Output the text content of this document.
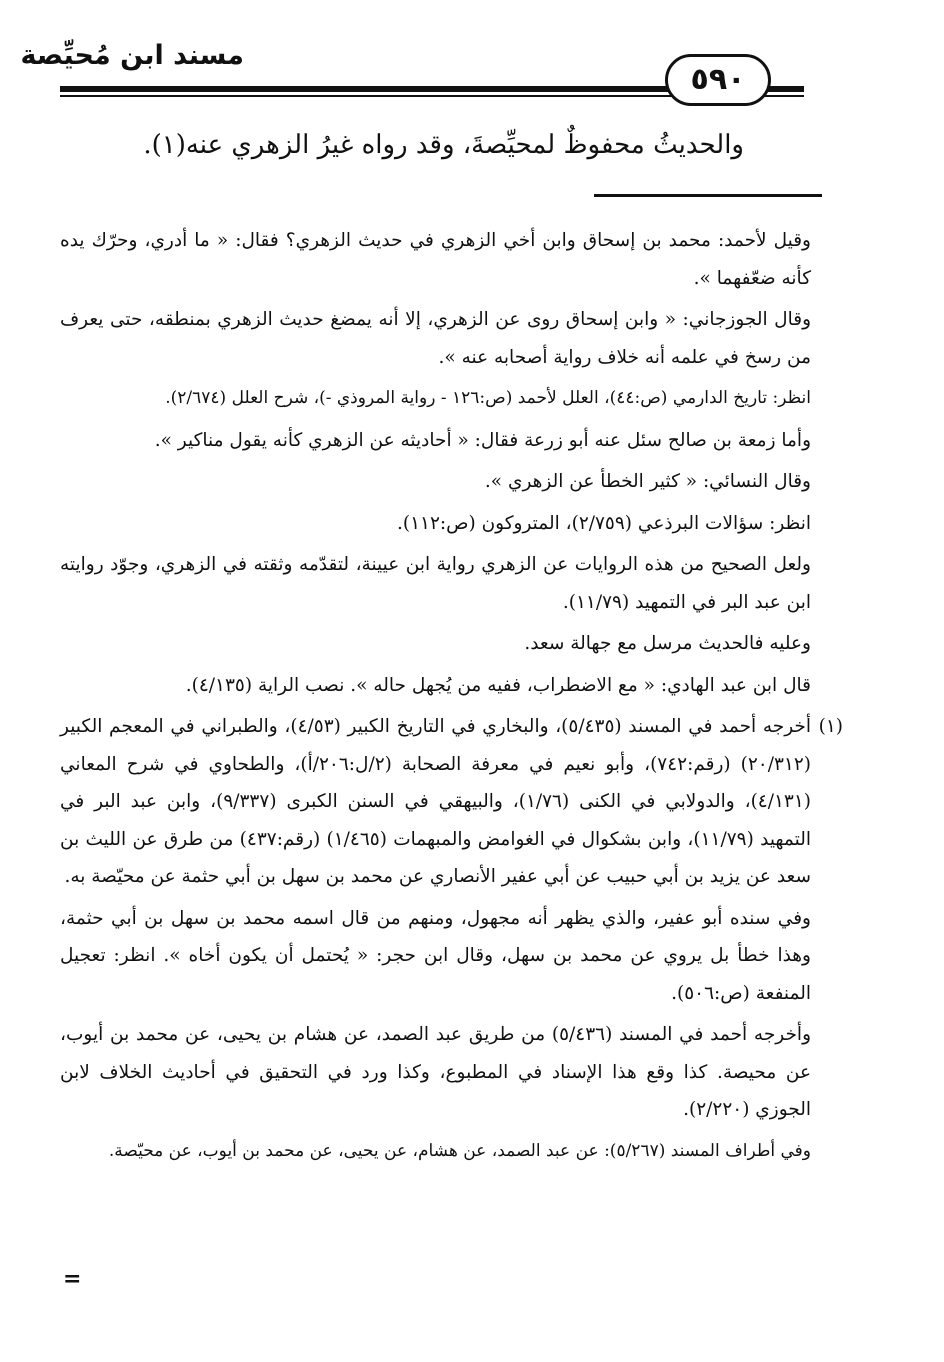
مسند ابن مُحيِّصة
٥٩٠
والحديثُ محفوظٌ لمحيِّصةَ، وقد رواه غيرُ الزهري عنه(١).

وقيل لأحمد: محمد بن إسحاق وابن أخي الزهري في حديث الزهري؟ فقال: « ما أدري، وحرّك يده كأنه ضعّفهما ».

وقال الجوزجاني: « وابن إسحاق روى عن الزهري، إلا أنه يمضغ حديث الزهري بمنطقه، حتى يعرف من رسخ في علمه أنه خلاف رواية أصحابه عنه ».

انظر: تاريخ الدارمي (ص:٤٤)، العلل لأحمد (ص:١٢٦ - رواية المروذي -)، شرح العلل (٢/٦٧٤).

وأما زمعة بن صالح سئل عنه أبو زرعة فقال: « أحاديثه عن الزهري كأنه يقول مناكير ».

وقال النسائي: « كثير الخطأ عن الزهري ».

انظر: سؤالات البرذعي (٢/٧٥٩)، المتروكون (ص:١١٢).

ولعل الصحيح من هذه الروايات عن الزهري رواية ابن عيينة، لتقدّمه وثقته في الزهري، وجوّد روايته ابن عبد البر في التمهيد (١١/٧٩).

وعليه فالحديث مرسل مع جهالة سعد.

قال ابن عبد الهادي: « مع الاضطراب، ففيه من يُجهل حاله ». نصب الراية (٤/١٣٥).

(١)
أخرجه أحمد في المسند (٥/٤٣٥)، والبخاري في التاريخ الكبير (٤/٥٣)، والطبراني في المعجم الكبير (٢٠/٣١٢) (رقم:٧٤٢)، وأبو نعيم في معرفة الصحابة (٢/ل:٢٠٦/أ)، والطحاوي في شرح المعاني (٤/١٣١)، والدولابي في الكنى (١/٧٦)، والبيهقي في السنن الكبرى (٩/٣٣٧)، وابن عبد البر في التمهيد (١١/٧٩)، وابن بشكوال في الغوامض والمبهمات (١/٤٦٥) (رقم:٤٣٧) من طرق عن الليث بن سعد عن يزيد بن أبي حبيب عن أبي عفير الأنصاري عن محمد بن سهل بن أبي حثمة عن محيّصة به.

وفي سنده أبو عفير، والذي يظهر أنه مجهول، ومنهم من قال اسمه محمد بن سهل بن أبي حثمة، وهذا خطأ بل يروي عن محمد بن سهل، وقال ابن حجر: « يُحتمل أن يكون أخاه ». انظر: تعجيل المنفعة (ص:٥٠٦).

وأخرجه أحمد في المسند (٥/٤٣٦) من طريق عبد الصمد، عن هشام بن يحيى، عن محمد بن أيوب، عن محيصة. كذا وقع هذا الإسناد في المطبوع، وكذا ورد في التحقيق في أحاديث الخلاف لابن الجوزي (٢/٢٢٠).

وفي أطراف المسند (٥/٢٦٧): عن عبد الصمد، عن هشام، عن يحيى، عن محمد بن أيوب، عن محيّصة.

=
